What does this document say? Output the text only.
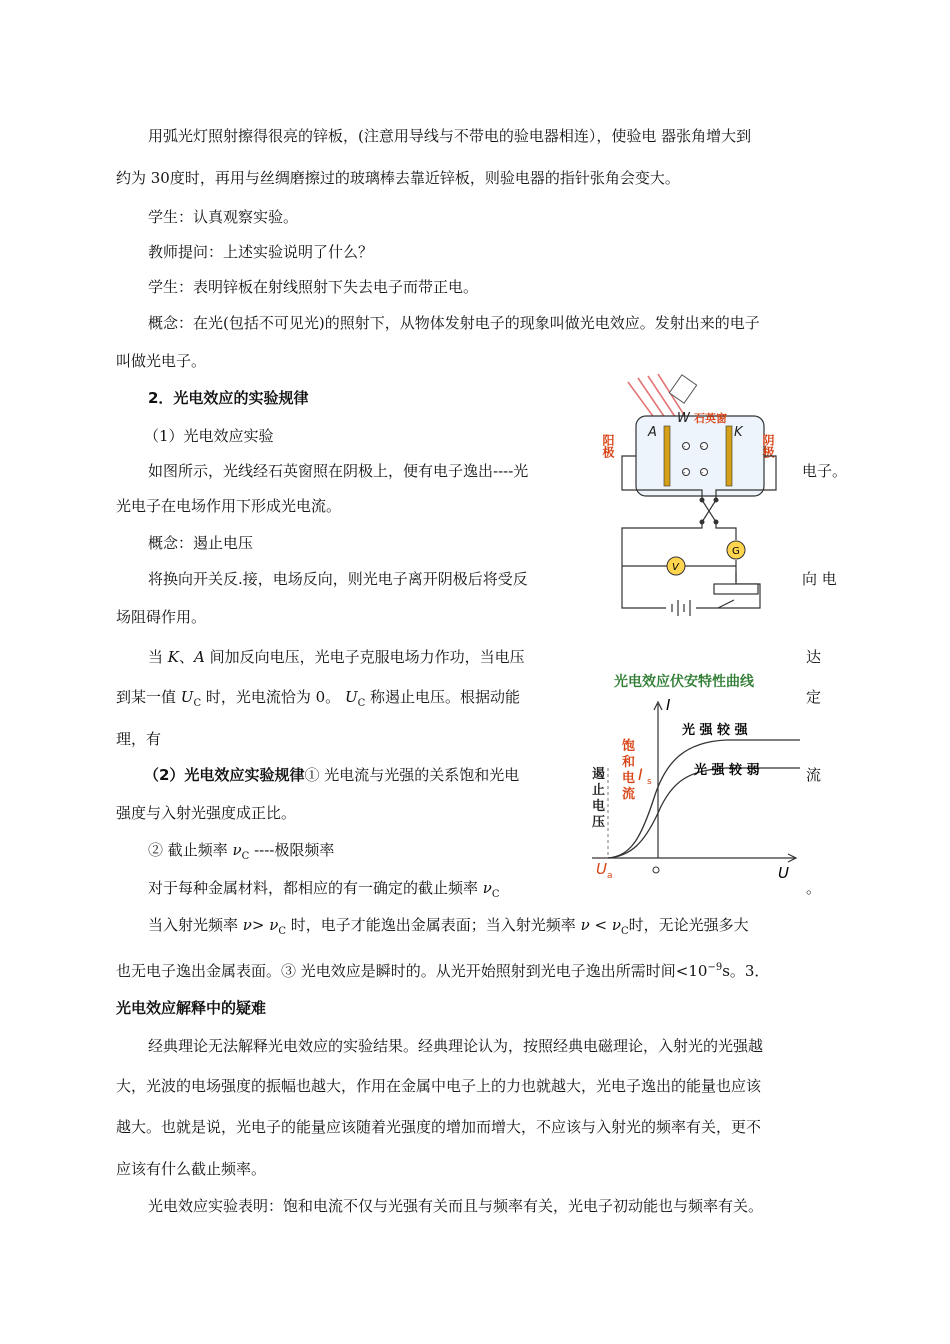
用弧光灯照射擦得很亮的锌板，(注意用导线与不带电的验电器相连），使验电 器张角增大到
约为 30度时，再用与丝绸磨擦过的玻璃棒去靠近锌板，则验电器的指针张角会变大。
学生：认真观察实验。
教师提问：上述实验说明了什么？
学生：表明锌板在射线照射下失去电子而带正电。
概念：在光(包括不可见光)的照射下，从物体发射电子的现象叫做光电效应。发射出来的电子
叫做光电子。
2．光电效应的实验规律
（1）光电效应实验
如图所示，光线经石英窗照在阴极上，便有电子逸出----光	电子。
光电子在电场作用下形成光电流。
概念：遏止电压
将换向开关反.接，电场反向，则光电子离开阴极后将受反	向 电
场阻碍作用。
当 K、A 间加反向电压，光电子克服电场力作功，当电压	达
到某一值 $U_C$ 时，光电流恰为 0。 $U_C$ 称遏止电压。根据动能	定
理，有
（2）光电效应实验规律① 光电流与光强的关系饱和光电	流
强度与入射光强度成正比。
② 截止频率 $\nu_C$ ----极限频率
对于每种金属材料，都相应的有一确定的截止频率 $\nu_C$	。
当入射光频率 $\nu> \nu_C$ 时，电子才能逸出金属表面；当入射光频率 $\nu < \nu_C$时，无论光强多大
也无电子逸出金属表面。③ 光电效应是瞬时的。从光开始照射到光电子逸出所需时间$<10^{-9}s$。3．
光电效应解释中的疑难
经典理论无法解释光电效应的实验结果。经典理论认为，按照经典电磁理论，入射光的光强越
大，光波的电场强度的振幅也越大，作用在金属中电子上的力也就越大，光电子逸出的能量也应该
越大。也就是说，光电子的能量应该随着光强度的增加而增大，不应该与入射光的频率有关，更不
应该有什么截止频率。
光电效应实验表明：饱和电流不仅与光强有关而且与频率有关，光电子初动能也与频率有关。
- -
- -
W 石英窗
A	K
阳极	阴极
V
G
光电效应伏安特性曲线
I
U
光 强 较 强
光 强 较 弱
饱
和
电
流
I s
遏
止
电
压
U a
